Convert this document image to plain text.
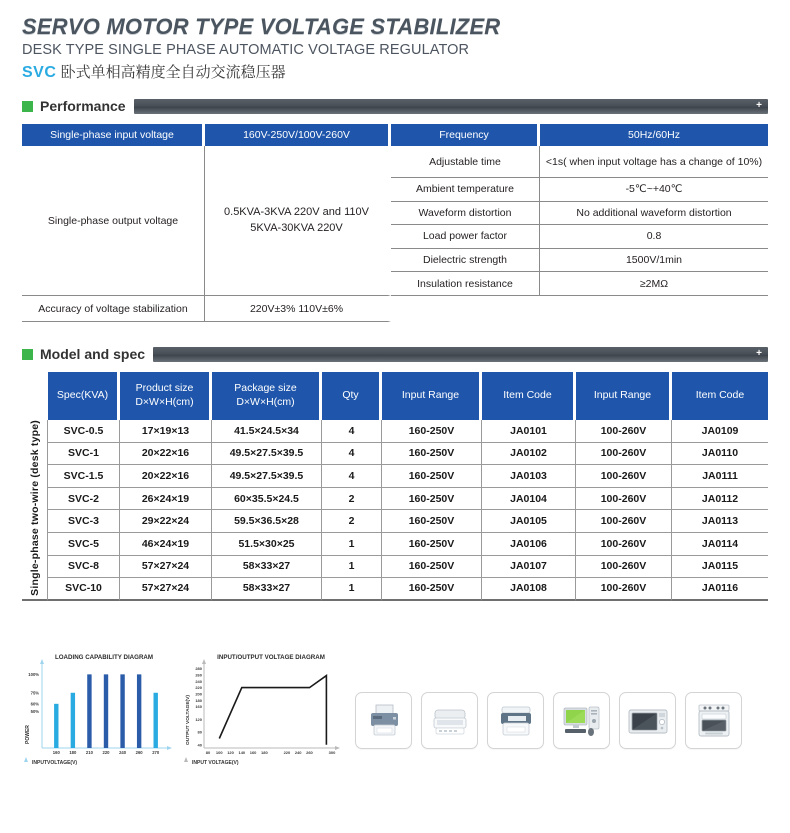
SERVO MOTOR TYPE VOLTAGE STABILIZER
DESK TYPE SINGLE PHASE AUTOMATIC VOLTAGE REGULATOR
SVC 卧式单相高精度全自动交流稳压器
Performance	+
Single-phase input voltage	160V-250V/100V-260V	Frequency	50Hz/60Hz
Single-phase output voltage	0.5KVA-3KVA 220V and 110V
5KVA-30KVA 220V	Adjustable time	<1s( when input voltage has a change of 10%)
		Ambient temperature	-5℃~+40℃
		Waveform distortion	No additional waveform distortion
		Load power factor	0.8
		Dielectric strength	1500V/1min
		Insulation resistance	≥2MΩ
Accuracy of voltage stabilization	220V±3% 110V±6%		
Model and spec	+
	Spec(KVA)	Product size
D×W×H(cm)	Package size
D×W×H(cm)	Qty	Input Range	Item Code	Input Range	Item Code
Single-phase two-wire (desk type)	SVC-0.5	17×19×13	41.5×24.5×34	4	160-250V	JA0101	100-260V	JA0109
	SVC-1	20×22×16	49.5×27.5×39.5	4	160-250V	JA0102	100-260V	JA0110
	SVC-1.5	20×22×16	49.5×27.5×39.5	4	160-250V	JA0103	100-260V	JA0111
	SVC-2	26×24×19	60×35.5×24.5	2	160-250V	JA0104	100-260V	JA0112
	SVC-3	29×22×24	59.5×36.5×28	2	160-250V	JA0105	100-260V	JA0113
	SVC-5	46×24×19	51.5×30×25	1	160-250V	JA0106	100-260V	JA0114
	SVC-8	57×27×24	58×33×27	1	160-250V	JA0107	100-260V	JA0115
	SVC-10	57×27×24	58×33×27	1	160-250V	JA0108	100-260V	JA0116
LOADING CAPABILITY DIAGRAM
50%
60%
75%
100%
160 180 210 220 240 260 270
POWER
INPUTVOLTAGE(V)
INPUT/OUTPUT VOLTAGE DIAGRAM
40
80
120
160
180
200
220
240
260
280
80 100 120 140 160 180	220 240 260	300
OUTPUT VOLTAGE(V)
INPUT VOLTAGE(V)
